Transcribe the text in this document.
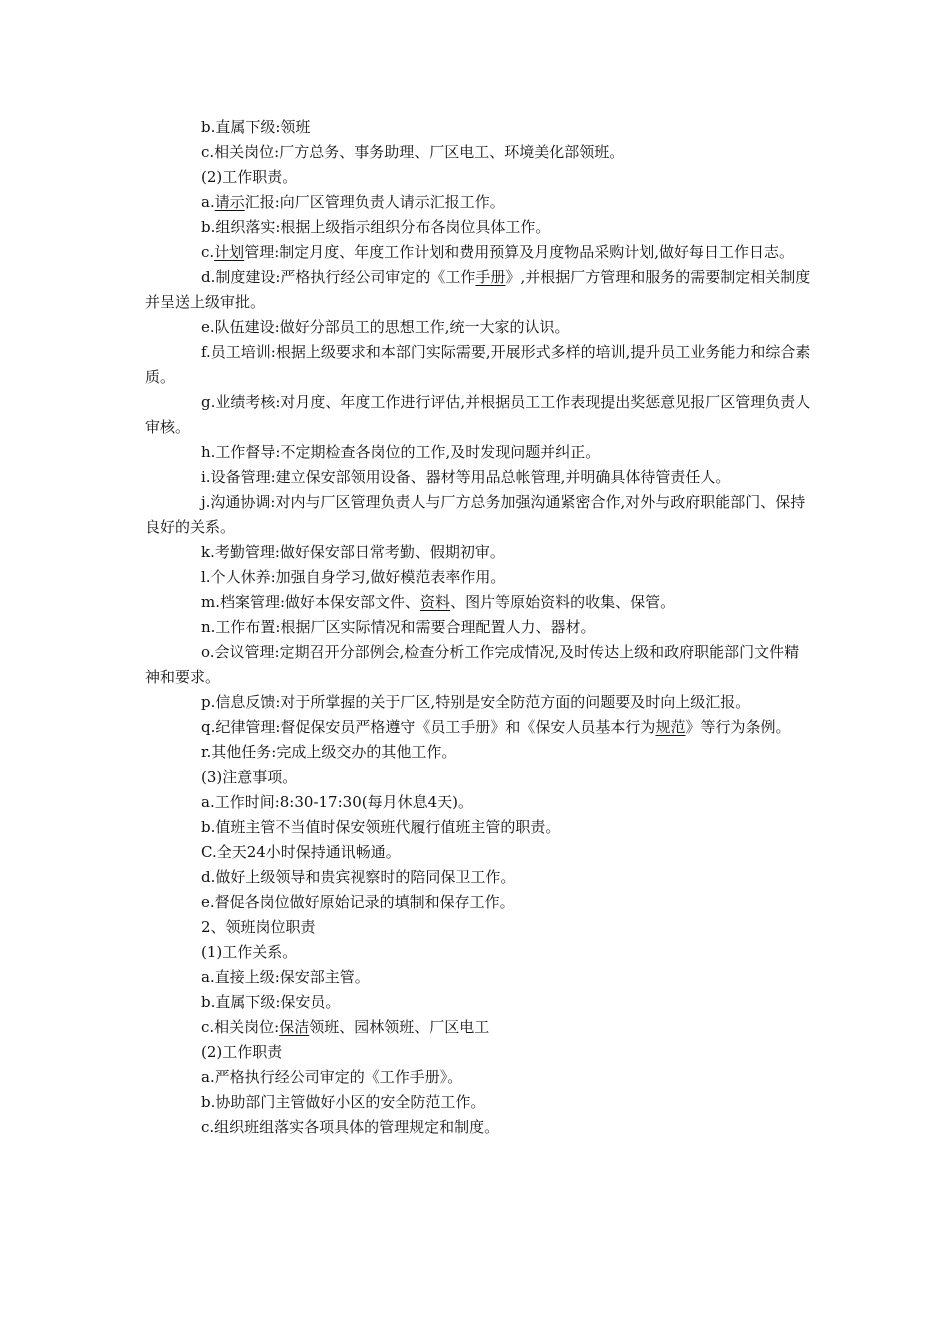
b.直属下级:领班

c.相关岗位:厂方总务、事务助理、厂区电工、环境美化部领班。

(2)工作职责。

a.请示汇报:向厂区管理负责人请示汇报工作。

b.组织落实:根据上级指示组织分布各岗位具体工作。

c.计划管理:制定月度、年度工作计划和费用预算及月度物品采购计划,做好每日工作日志。

d.制度建设:严格执行经公司审定的《工作手册》,并根据厂方管理和服务的需要制定相关制度并呈送上级审批。

e.队伍建设:做好分部员工的思想工作,统一大家的认识。

f.员工培训:根据上级要求和本部门实际需要,开展形式多样的培训,提升员工业务能力和综合素质。

g.业绩考核:对月度、年度工作进行评估,并根据员工工作表现提出奖惩意见报厂区管理负责人审核。

h.工作督导:不定期检查各岗位的工作,及时发现问题并纠正。

i.设备管理:建立保安部领用设备、器材等用品总帐管理,并明确具体待管责任人。

j.沟通协调:对内与厂区管理负责人与厂方总务加强沟通紧密合作,对外与政府职能部门、保持良好的关系。

k.考勤管理:做好保安部日常考勤、假期初审。

l.个人休养:加强自身学习,做好模范表率作用。

m.档案管理:做好本保安部文件、资料、图片等原始资料的收集、保管。

n.工作布置:根据厂区实际情况和需要合理配置人力、器材。

o.会议管理:定期召开分部例会,检查分析工作完成情况,及时传达上级和政府职能部门文件精神和要求。

p.信息反馈:对于所掌握的关于厂区,特别是安全防范方面的问题要及时向上级汇报。

q.纪律管理:督促保安员严格遵守《员工手册》和《保安人员基本行为规范》等行为条例。

r.其他任务:完成上级交办的其他工作。

(3)注意事项。

a.工作时间:8:30-17:30(每月休息4天)。

b.值班主管不当值时保安领班代履行值班主管的职责。

C.全天24小时保持通讯畅通。

d.做好上级领导和贵宾视察时的陪同保卫工作。

e.督促各岗位做好原始记录的填制和保存工作。

2、领班岗位职责

(1)工作关系。

a.直接上级:保安部主管。

b.直属下级:保安员。

c.相关岗位:保洁领班、园林领班、厂区电工

(2)工作职责

a.严格执行经公司审定的《工作手册》。

b.协助部门主管做好小区的安全防范工作。

c.组织班组落实各项具体的管理规定和制度。
